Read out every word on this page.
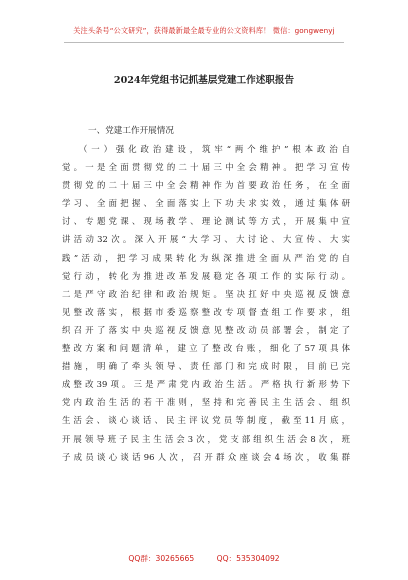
关注头条号“公文研究”，获得最新最全最专业的公文资料库！ 微信：gongwenyj
2024年党组书记抓基层党建工作述职报告
一、党建工作开展情况
（一）强化政治建设，筑牢“两个维护”根本政治自
觉。一是全面贯彻党的二十届三中全会精神。把学习宣传
贯彻党的二十届三中全会精神作为首要政治任务，在全面
学习、全面把握、全面落实上下功夫求实效，通过集体研
讨、专题党课、现场教学、理论测试等方式，开展集中宣
讲活动32次。深入开展“大学习、大讨论、大宣传、大实
践”活动，把学习成果转化为纵深推进全面从严治党的自
觉行动，转化为推进改革发展稳定各项工作的实际行动。
二是严守政治纪律和政治规矩。坚决扛好中央巡视反馈意
见整改落实，根据市委巡察整改专项督查组工作要求，组
织召开了落实中央巡视反馈意见整改动员部署会，制定了
整改方案和问题清单，建立了整改台账，细化了57项具体
措施，明确了牵头领导、责任部门和完成时限，目前已完
成整改39项。三是严肃党内政治生活。严格执行新形势下
党内政治生活的若干准则，坚持和完善民主生活会、组织
生活会、谈心谈话、民主评议党员等制度，截至11月底，
开展领导班子民主生活会3次，党支部组织生活会8次，班
子成员谈心谈话96人次，召开群众座谈会4场次，收集群
QQ群：30265665	QQ：535304092
